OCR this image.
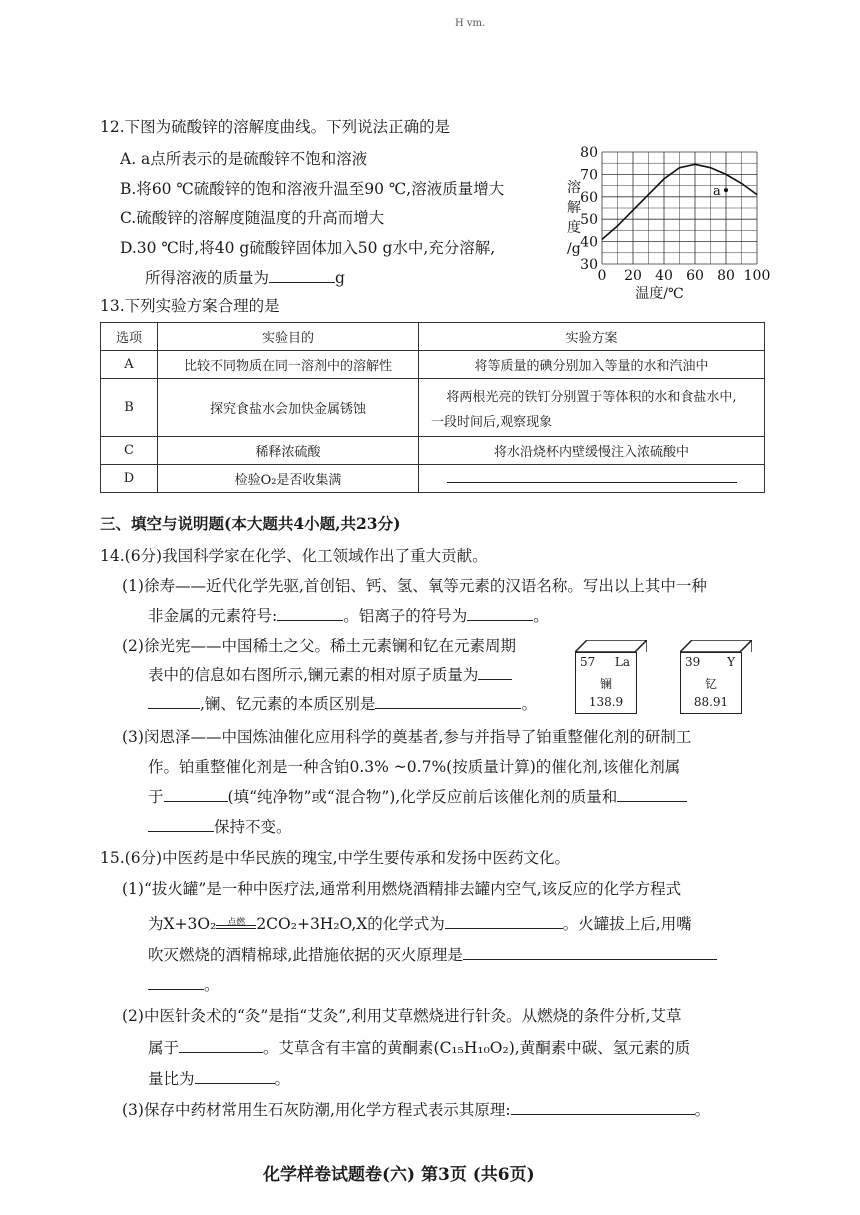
H vm.
12.下图为硫酸锌的溶解度曲线。下列说法正确的是
A. a点所表示的是硫酸锌不饱和溶液
B.将60 ℃硫酸锌的饱和溶液升温至90 ℃,溶液质量增大
C.硫酸锌的溶解度随温度的升高而增大
D.30 ℃时,将40 g硫酸锌固体加入50 g水中,充分溶解,
所得溶液的质量为	g
30
40
50
60
70
80
0 20 40 60 80 100
溶
解
度
/g
温度/℃
a
13.下列实验方案合理的是
选项	实验目的	实验方案
A	比较不同物质在同一溶剂中的溶解性	将等质量的碘分别加入等量的水和汽油中
B	探究食盐水会加快金属锈蚀	将两根光亮的铁钉分别置于等体积的水和食盐水中,
一段时间后,观察现象

C	稀释浓硫酸	将水沿烧杯内壁缓慢注入浓硫酸中
D	检验O₂是否收集满	
三、填空与说明题(本大题共4小题,共23分)
14.(6分)我国科学家在化学、化工领域作出了重大贡献。
(1)徐寿——近代化学先驱,首创铝、钙、氢、氧等元素的汉语名称。写出以上其中一种
非金属的元素符号:	。铝离子的符号为	。
(2)徐光宪——中国稀土之父。稀土元素镧和钇在元素周期
表中的信息如右图所示,镧元素的相对原子质量为
,镧、钇元素的本质区别是	。
57 La
镧
138.9
39 Y
钇
88.91
(3)闵恩泽——中国炼油催化应用科学的奠基者,参与并指导了铂重整催化剂的研制工
作。铂重整催化剂是一种含铂0.3% ~0.7%(按质量计算)的催化剂,该催化剂属
于	(填“纯净物”或“混合物”),化学反应前后该催化剂的质量和
保持不变。
15.(6分)中医药是中华民族的瑰宝,中学生要传承和发扬中医药文化。
(1)“拔火罐”是一种中医疗法,通常利用燃烧酒精排去罐内空气,该反应的化学方程式
为X+3O₂	点燃 2CO₂+3H₂O,X的化学式为	。火罐拔上后,用嘴
吹灭燃烧的酒精棉球,此措施依据的灭火原理是
。
(2)中医针灸术的“灸”是指“艾灸”,利用艾草燃烧进行针灸。从燃烧的条件分析,艾草
属于	。艾草含有丰富的黄酮素(C₁₅H₁₀O₂),黄酮素中碳、氢元素的质
量比为	。
(3)保存中药材常用生石灰防潮,用化学方程式表示其原理:	。
化学样卷试题卷(六) 第3页 (共6页)
